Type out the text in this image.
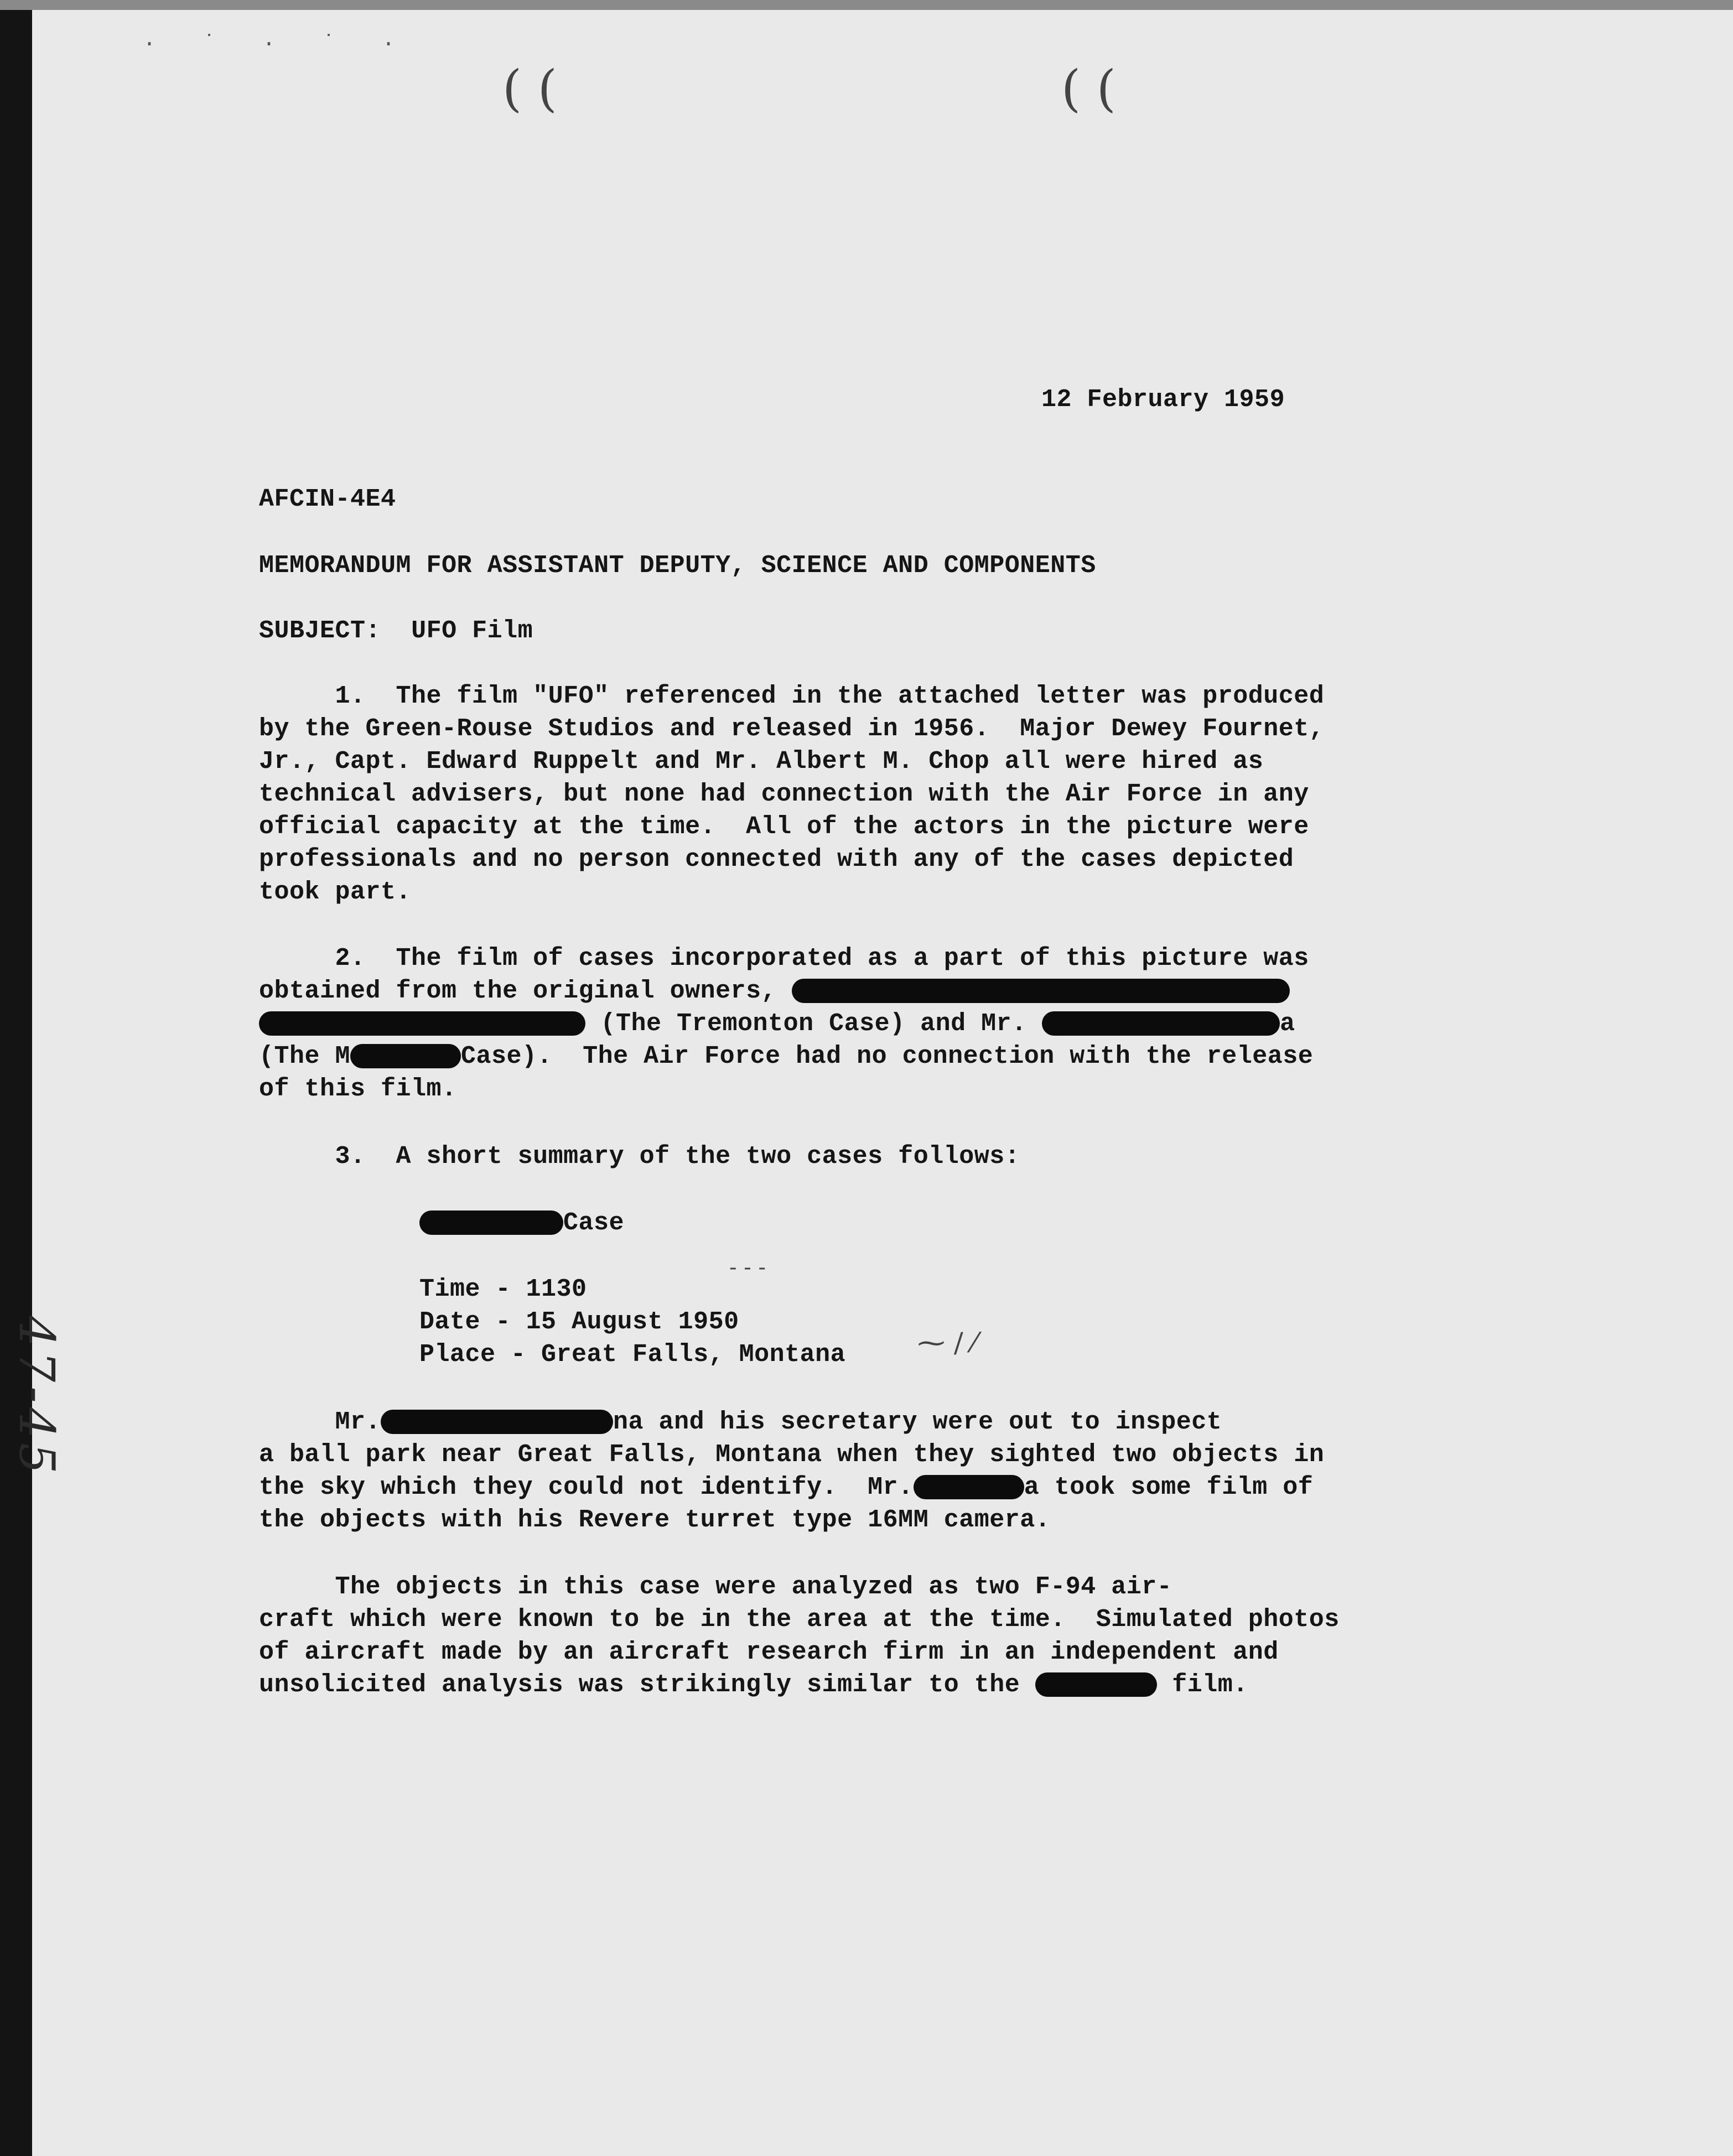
· ˙ · ˙ ·
( (	( (
12 February 1959
AFCIN-4E4
MEMORANDUM FOR ASSISTANT DEPUTY, SCIENCE AND COMPONENTS
SUBJECT: UFO Film
1.  The film "UFO" referenced in the attached letter was produced
by the Green-Rouse Studios and released in 1956.  Major Dewey Fournet,
Jr., Capt. Edward Ruppelt and Mr. Albert M. Chop all were hired as
technical advisers, but none had connection with the Air Force in any
official capacity at the time.  All of the actors in the picture were
professionals and no person connected with any of the cases depicted
took part.
2.  The film of cases incorporated as a part of this picture was
obtained from the original owners,
(The Tremonton Case) and Mr.	a
(The M	Case).  The Air Force had no connection with the release
of this film.
3.  A short summary of the two cases follows:
Case
Time - 1130
Date - 15 August 1950
Place - Great Falls, Montana
‑ ‑ ‑
⁓ / ⁄
Mr.	na and his secretary were out to inspect
a ball park near Great Falls, Montana when they sighted two objects in
the sky which they could not identify.  Mr.	a took some film of
the objects with his Revere turret type 16MM camera.
The objects in this case were analyzed as two F-94 air-
craft which were known to be in the area at the time.  Simulated photos
of aircraft made by an aircraft research firm in an independent and
unsolicited analysis was strikingly similar to the	film.
47-45
